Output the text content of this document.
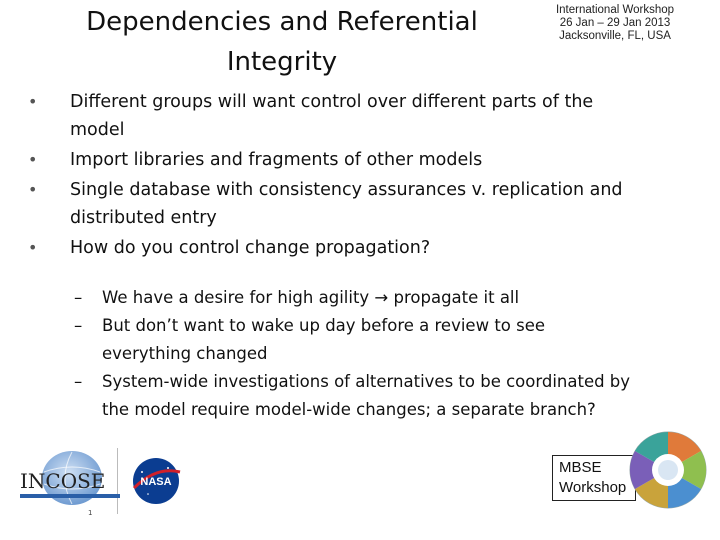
Dependencies and Referential
Integrity
International Workshop
26 Jan – 29 Jan 2013
Jacksonville, FL, USA
• Different groups will want control over different parts of the
model
• Import libraries and fragments of other models
• Single database with consistency assurances v. replication and
distributed entry
• How do you control change propagation?
– We have a desire for high agility → propagate it all
– But don’t want to wake up day before a review to see
everything changed
– System-wide investigations of alternatives to be coordinated by
the model require model-wide changes; a separate branch?
INCOSE	NASA
MBSE
Workshop
1
